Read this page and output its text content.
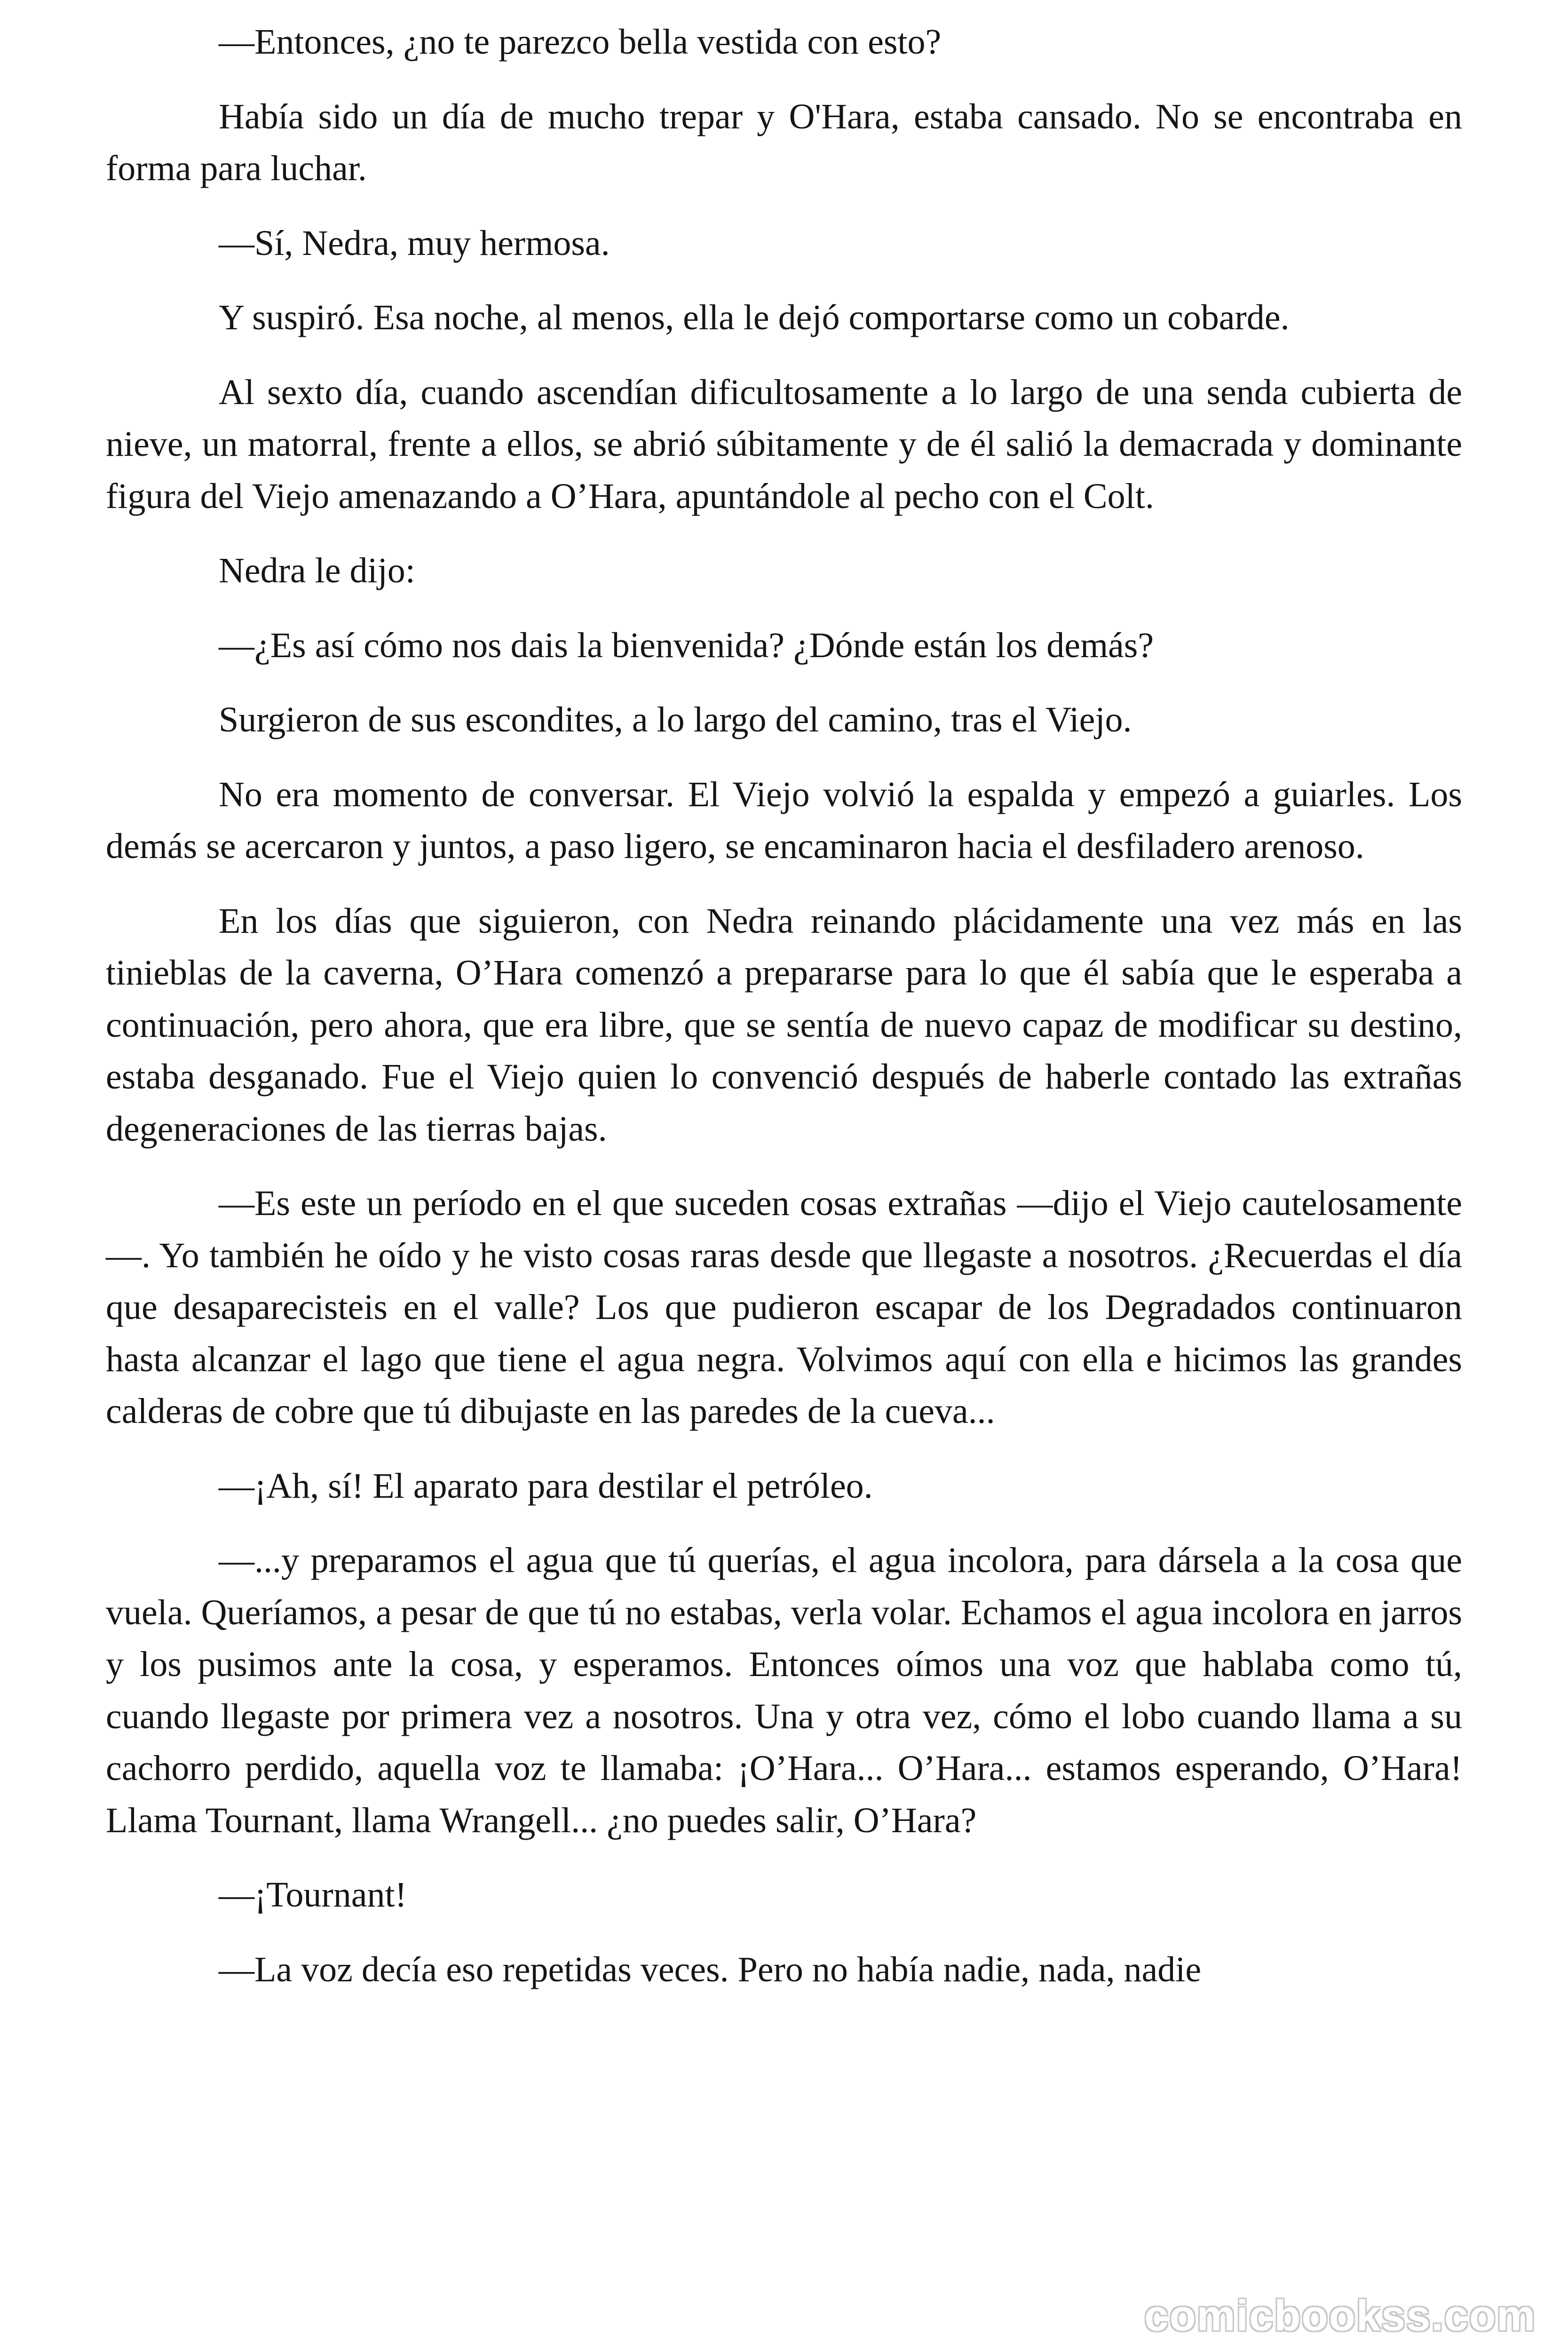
—Entonces, ¿no te parezco bella vestida con esto?

Había sido un día de mucho trepar y O'Hara, estaba cansado. No se encontraba en forma para luchar.

—Sí, Nedra, muy hermosa.

Y suspiró. Esa noche, al menos, ella le dejó comportarse como un cobarde.

Al sexto día, cuando ascendían dificultosamente a lo largo de una senda cubierta de nieve, un matorral, frente a ellos, se abrió súbitamente y de él salió la demacrada y dominante figura del Viejo amenazando a O’Hara, apuntándole al pecho con el Colt.

Nedra le dijo:

—¿Es así cómo nos dais la bienvenida? ¿Dónde están los demás?

Surgieron de sus escondites, a lo largo del camino, tras el Viejo.

No era momento de conversar. El Viejo volvió la espalda y empezó a guiarles. Los demás se acercaron y juntos, a paso ligero, se encaminaron hacia el desfiladero arenoso.

En los días que siguieron, con Nedra reinando plácidamente una vez más en las tinieblas de la caverna, O’Hara comenzó a prepararse para lo que él sabía que le esperaba a continuación, pero ahora, que era libre, que se sentía de nuevo capaz de modificar su destino, estaba desganado. Fue el Viejo quien lo convenció después de haberle contado las extrañas degeneraciones de las tierras bajas.

—Es este un período en el que suceden cosas extrañas —dijo el Viejo cautelosamente—. Yo también he oído y he visto cosas raras desde que llegaste a nosotros. ¿Recuerdas el día que desaparecisteis en el valle? Los que pudieron escapar de los Degradados continuaron hasta alcanzar el lago que tiene el agua negra. Volvimos aquí con ella e hicimos las grandes calderas de cobre que tú dibujaste en las paredes de la cueva...

—¡Ah, sí! El aparato para destilar el petróleo.

—...y preparamos el agua que tú querías, el agua incolora, para dársela a la cosa que vuela. Queríamos, a pesar de que tú no estabas, verla volar. Echamos el agua incolora en jarros y los pusimos ante la cosa, y esperamos. Entonces oímos una voz que hablaba como tú, cuando llegaste por primera vez a nosotros. Una y otra vez, cómo el lobo cuando llama a su cachorro perdido, aquella voz te llamaba: ¡O’Hara... O’Hara... estamos esperando, O’Hara! Llama Tournant, llama Wrangell... ¿no puedes salir, O’Hara?

—¡Tournant!

—La voz decía eso repetidas veces. Pero no había nadie, nada, nadie

comicbookss.com
